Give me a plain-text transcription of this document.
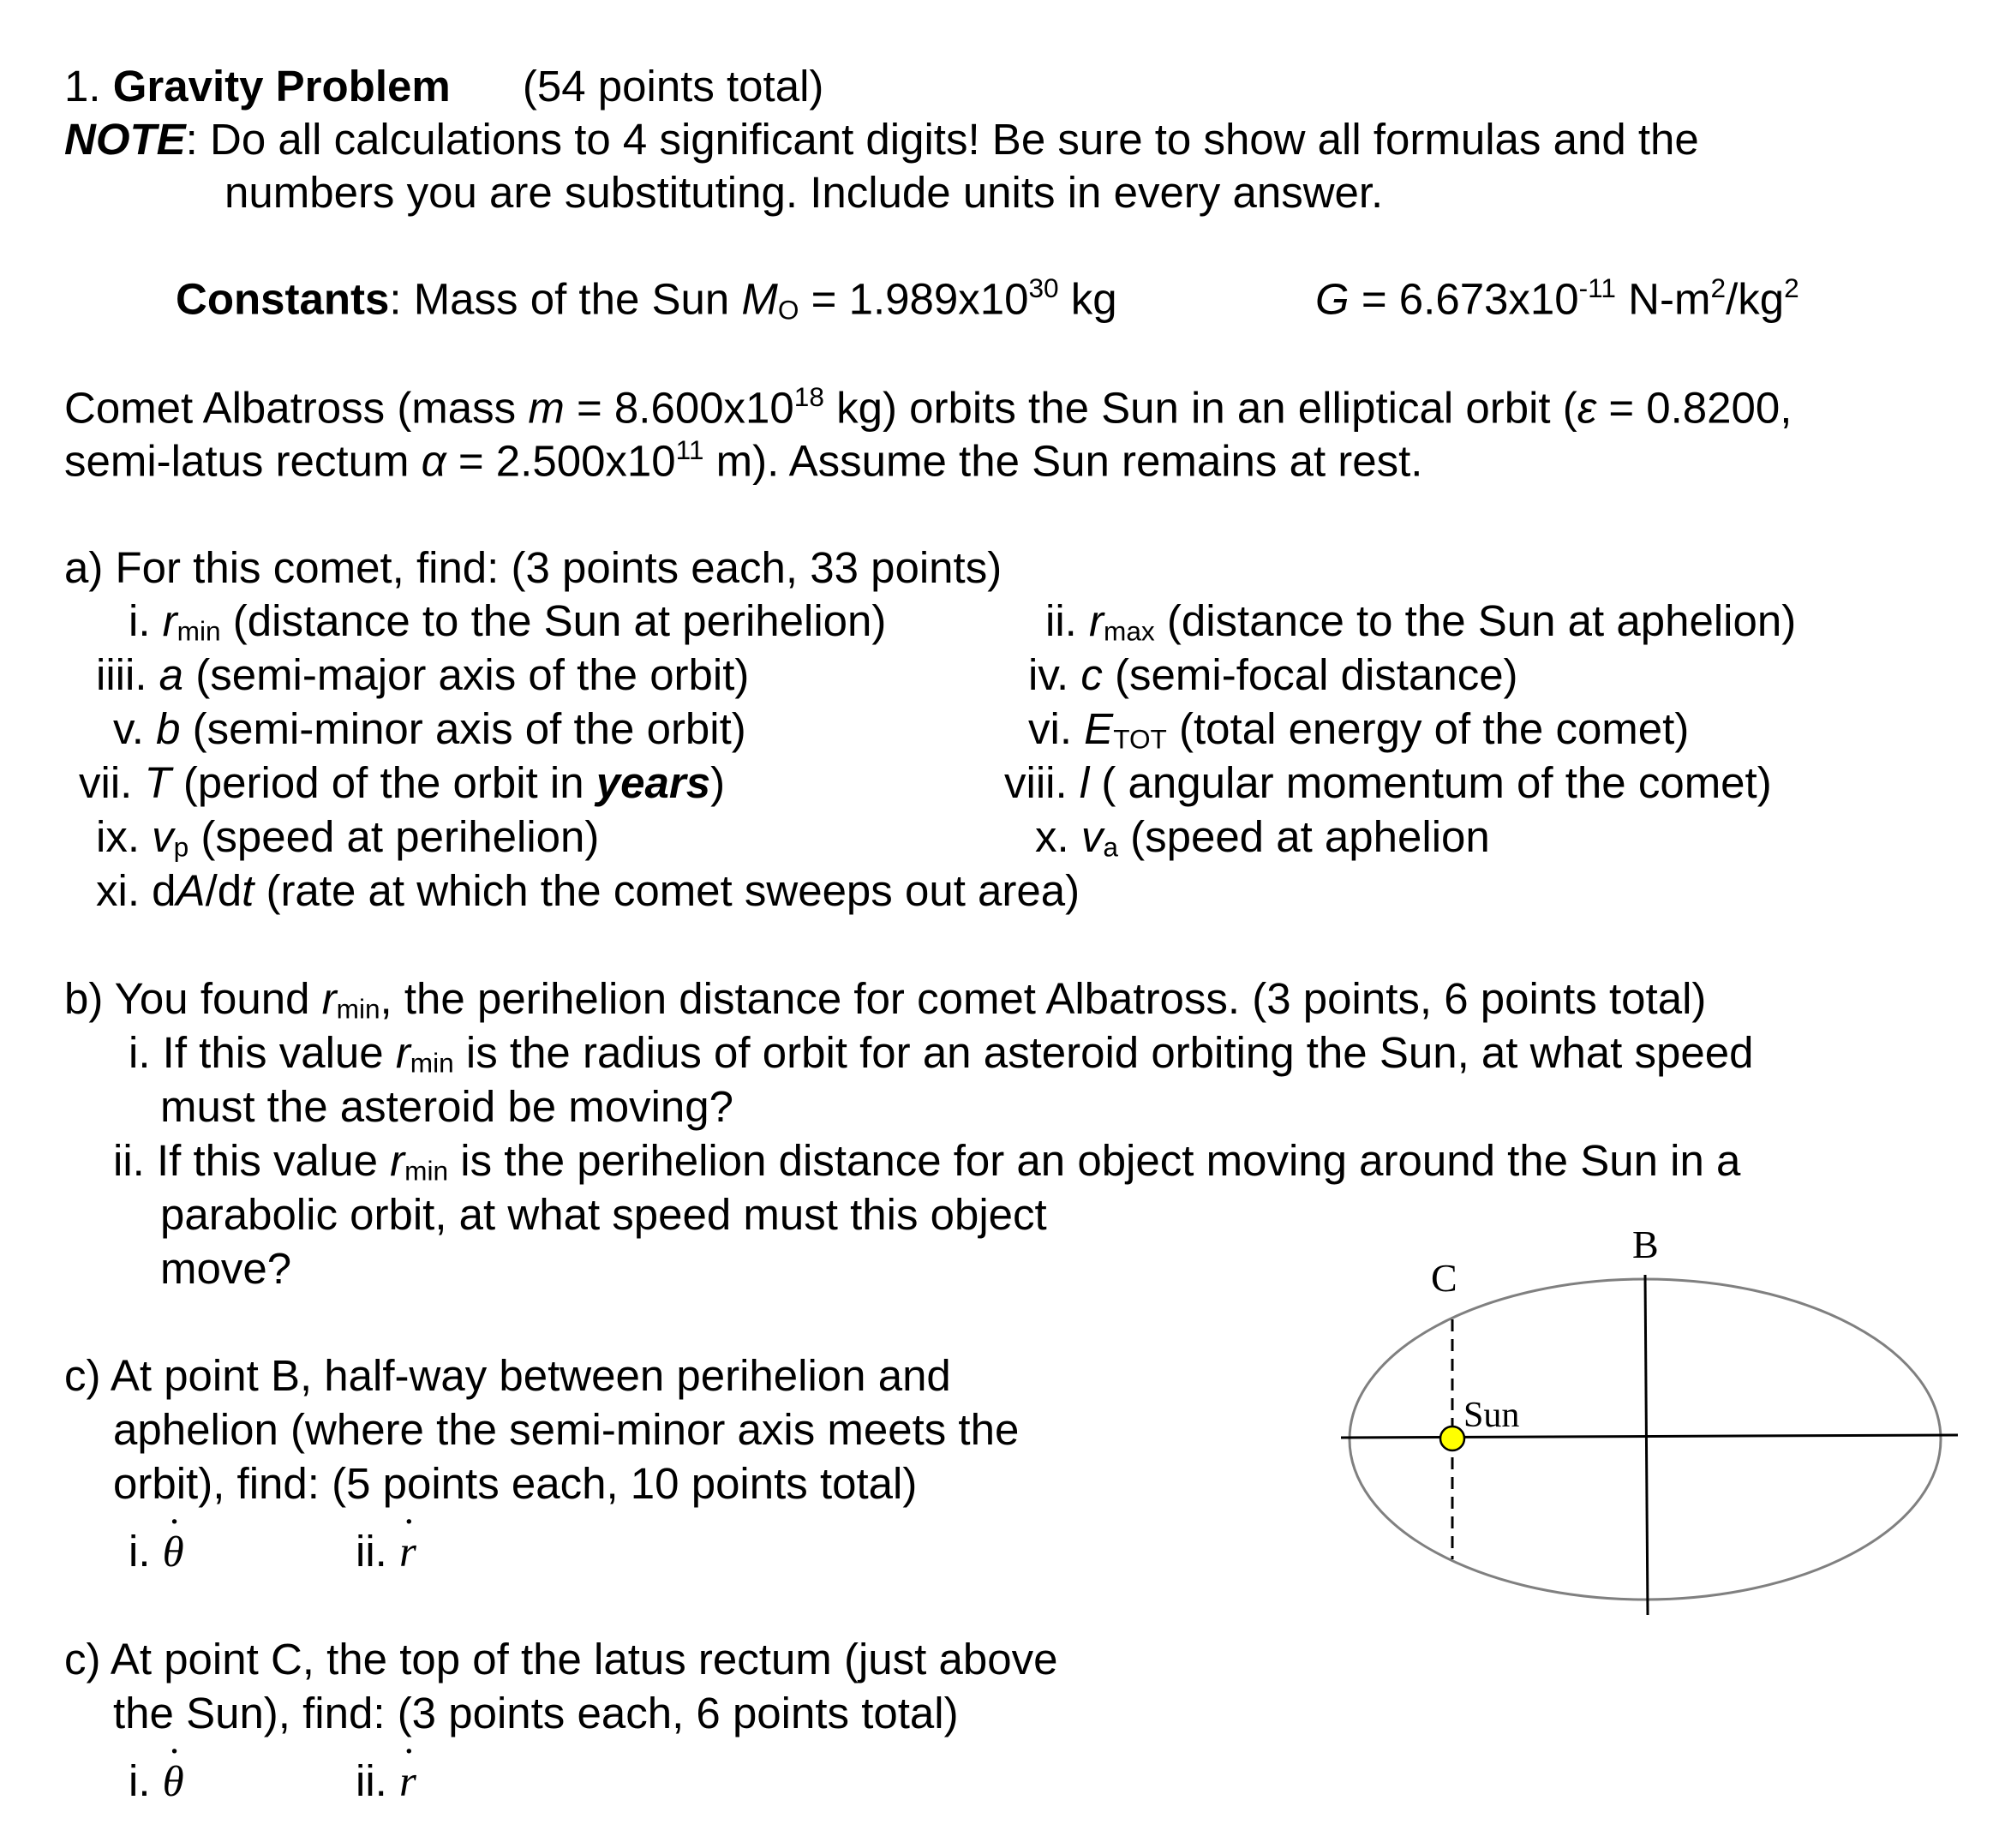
1. Gravity Problem (54 points total)
NOTE: Do all calculations to 4 significant digits! Be sure to show all formulas and the
numbers you are substituting. Include units in every answer.
Constants: Mass of the Sun MO = $1.989x10^{30}$ kg	$G = 6.673x10^{-11}$ $N-m^2/kg^2$
Comet Albatross (mass $m = 8.600x10^{18}$ kg) orbits the Sun in an elliptical orbit (ε = 0.8200,
semi-latus rectum $\alpha = 2.500x10^{11}$ m). Assume the Sun remains at rest.
a) For this comet, find: (3 points each, 33 points)
i. rmin (distance to the Sun at perihelion)	ii. rmax (distance to the Sun at aphelion)
iiii. a (semi-major axis of the orbit)	iv. c (semi-focal distance)
v. b (semi-minor axis of the orbit)	vi. ETOT (total energy of the comet)
vii. T (period of the orbit in years)	viii. l ( angular momentum of the comet)
ix. vp (speed at perihelion)	x. va (speed at aphelion
xi. dA/dt (rate at which the comet sweeps out area)
b) You found rmin, the perihelion distance for comet Albatross. (3 points, 6 points total)
i. If this value rmin is the radius of orbit for an asteroid orbiting the Sun, at what speed
must the asteroid be moving?
ii. If this value rmin is the perihelion distance for an object moving around the Sun in a
parabolic orbit, at what speed must this object
move?
c) At point B, half-way between perihelion and
aphelion (where the semi-minor axis meets the
orbit), find: (5 points each, 10 points total)
i. ˙ θ	ii. ˙ r
c) At point C, the top of the latus rectum (just above
the Sun), find: (3 points each, 6 points total)
i. ˙ θ	ii. ˙ r
B
C
Sun
